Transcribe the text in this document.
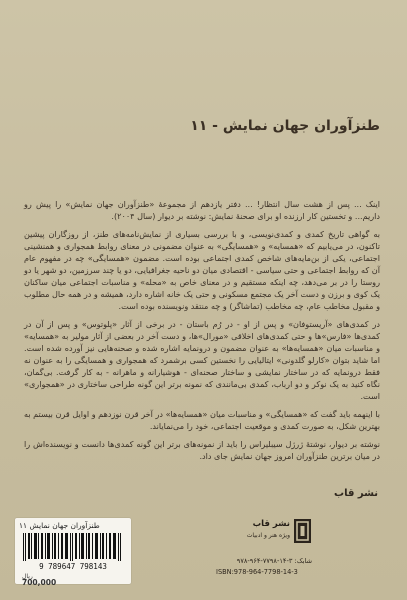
طنزآوران جهان نمایش - ۱۱

اینک ... پس از هشت سال انتظار! ... دفتر یازدهم از مجموعهٔ «طنزآوران جهان نمایش» را پیش رو داریم... و تخستین کار ارزنده او برای صحنهٔ نمایش: نوشته بر دیوار (سال ۲۰۰۴).

به گواهی تاریخ کمدی و کمدی‌نویسی، و با بررسی بسیاری از نمایش‌نامه‌های طنز، از روزگاران پیشین تاکنون، در می‌یابیم که «همسایه» و «همسایگی» به عنوان مضمونی در معنای روابط همجواری و همنشینی اجتماعی، یکی از بن‌مایه‌های شاخص کمدی اجتماعی بوده است. مضمون «همسایگی» چه در مفهوم عام آن که روابط اجتماعی و حتی سیاسی - اقتصادی میان دو ناحیه جغرافیایی، دو یا چند سرزمین، دو شهر یا دو روستا را در بر می‌دهد، چه اینکه مستقیم و در معنای خاص به «محله» و مناسبات اجتماعی میان ساکنان یک کوی و برزن و دست آخر یک مجتمع مسکونی و حتی یک خانه اشاره دارد، همیشه و در همه حال مطلوب و مقبول مخاطب عام، چه مخاطب (تماشاگر) و چه منتقد ونویسنده بوده است.

در کمدی‌های «آریستوفان» و پس از او - در رُم باستان - در برخی از آثار «پلوتوس» و پس از آن در کمدی‌ها «فارس»ها و حتی کمدی‌های اخلاقی «مورال»ها، و دست آخر در بعضی از آثار مولیر به «همسایه» و مناسبات میان «همسایه‌ها» به عنوان مضمون و درونمایه اشاره شده و صحنه‌هایی نیز آورده شده است. اما شاید بتوان «کارلو گلدونی» ایتالیایی را نخستین کسی برشمرد که همجواری و همسایگی را به عنوان نه فقط درونمایه که در ساختار نمایشی و ساختار صحنه‌ای - هوشیارانه و ماهرانه - به کار گرفت. بی‌گمان، نگاه کنید به یک نوکر و دو ارباب، کمدی بی‌مانندی که نمونه برتر این گونه طراحی ساختاری در «همجواری» است.

با اینهمه باید گفت که «همسایگی» و مناسبات میان «همسایه‌ها» در آخر قرن نوزدهم و اوایل قرن بیستم به بهترین شکل، به صورت کمدی و موقعیت اجتماعی، خود را می‌نمایاند.

نوشته بر دیوار، نوشتهٔ ژرژل سیبلیراس را باید از نمونه‌های برتر این گونه کمدی‌ها دانست و نویسنده‌اش را در میان برترین طنزآوران امروز جهان نمایش جای داد.

نشر قاب
طنزآوران جهان نمایش ۱۱
9 789647 798143
ریال
700,000
نشر قاب
ویژه هنر و ادبیات
شابک: ۳-۱۴-۷۷۹۸-۹۶۴-۹۷۸
ISBN:978-964-7798-14-3
